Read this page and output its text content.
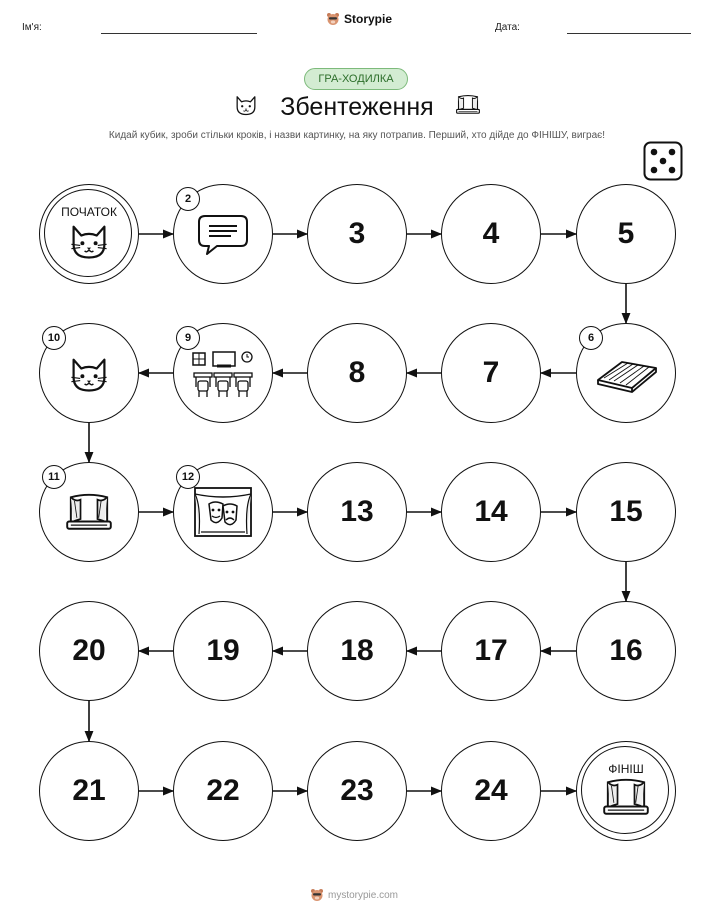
Ім'я:
Storypie
Дата:
ГРА-ХОДИЛКА
Збентеження
Кидай кубик, зроби стільки кроків, і назви картинку, на яку потрапив. Перший, хто дійде до ФІНІШУ, виграє!
ПОЧАТОК
2
3	4	5
6
7
8
9
10
11	12
13	14	15
16
17
18
19
20
21	22	23	24
ФІНІШ
mystorypie.com
